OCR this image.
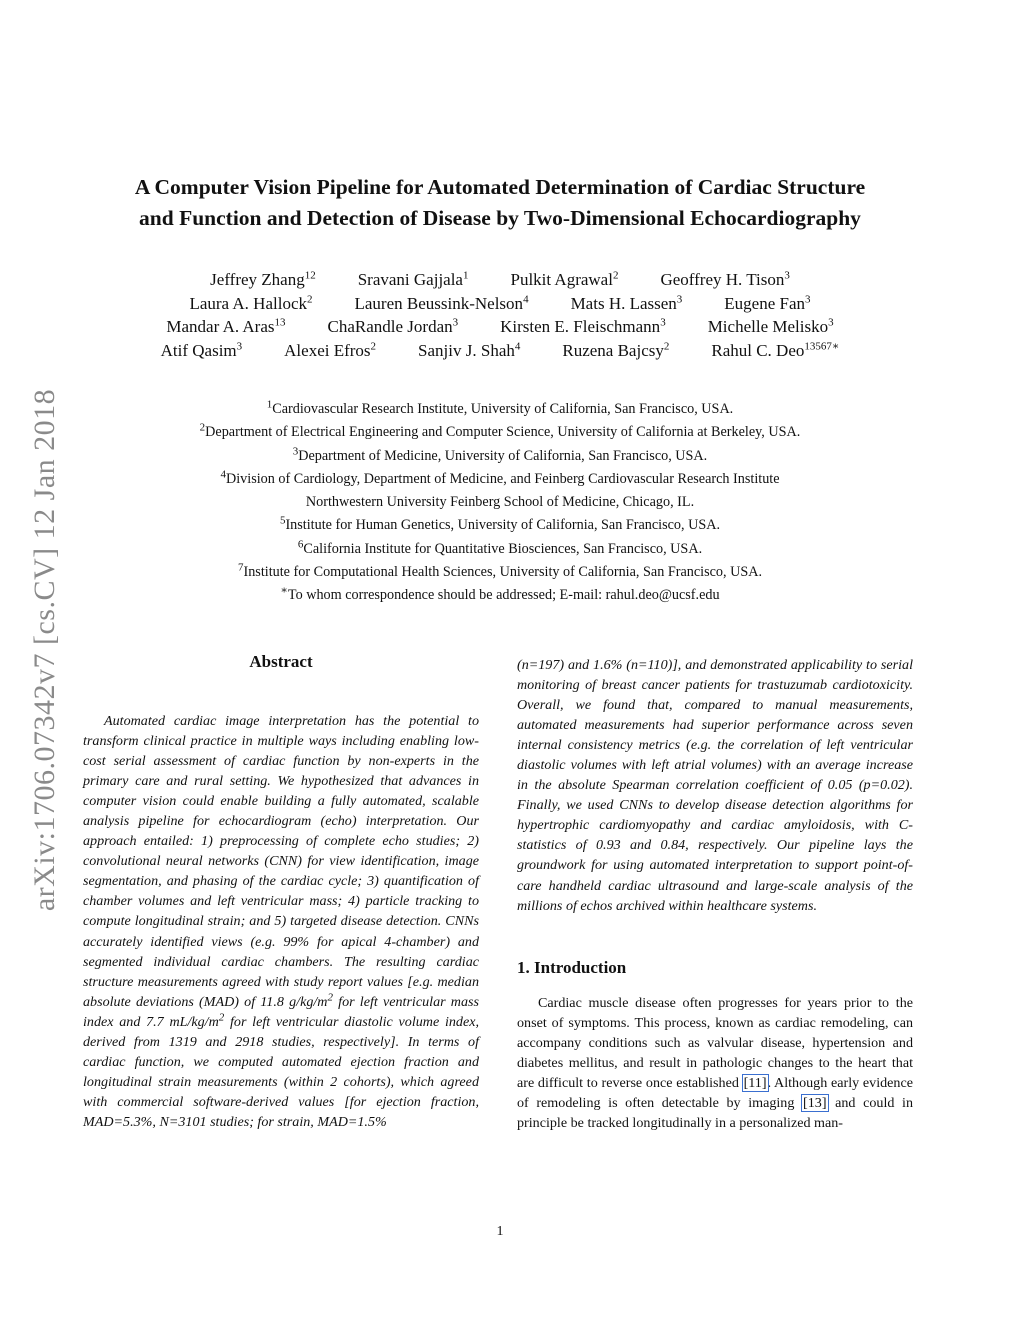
arXiv:1706.07342v7 [cs.CV] 12 Jan 2018
A Computer Vision Pipeline for Automated Determination of Cardiac Structure
and Function and Detection of Disease by Two-Dimensional Echocardiography
Jeffrey Zhang$^{12}$ Sravani Gajjala$^1$ Pulkit Agrawal$^2$ Geoffrey H. Tison$^3$
Laura A. Hallock$^2$ Lauren Beussink-Nelson$^4$ Mats H. Lassen$^3$ Eugene Fan$^3$
Mandar A. Aras$^{13}$ ChaRandle Jordan$^3$ Kirsten E. Fleischmann$^3$ Michelle Melisko$^3$
Atif Qasim$^3$ Alexei Efros$^2$ Sanjiv J. Shah$^4$ Ruzena Bajcsy$^2$ Rahul C. Deo$^{13567∗}$
$^1$Cardiovascular Research Institute, University of California, San Francisco, USA.
$^2$Department of Electrical Engineering and Computer Science, University of California at Berkeley, USA.
$^3$Department of Medicine, University of California, San Francisco, USA.
$^4$Division of Cardiology, Department of Medicine, and Feinberg Cardiovascular Research Institute
Northwestern University Feinberg School of Medicine, Chicago, IL.
$^5$Institute for Human Genetics, University of California, San Francisco, USA.
$^6$California Institute for Quantitative Biosciences, San Francisco, USA.
$^7$Institute for Computational Health Sciences, University of California, San Francisco, USA.
∗To whom correspondence should be addressed; E-mail: rahul.deo@ucsf.edu
Abstract

Automated cardiac image interpretation has the potential to transform clinical practice in multiple ways including enabling low-cost serial assessment of cardiac function by non-experts in the primary care and rural setting. We hypothesized that advances in computer vision could enable building a fully automated, scalable analysis pipeline for echocardiogram (echo) interpretation. Our approach entailed: 1) preprocessing of complete echo studies; 2) convolutional neural networks (CNN) for view identification, image segmentation, and phasing of the cardiac cycle; 3) quantification of chamber volumes and left ventricular mass; 4) particle tracking to compute longitudinal strain; and 5) targeted disease detection. CNNs accurately identified views (e.g. 99% for apical 4-chamber) and segmented individual cardiac chambers. The resulting cardiac structure measurements agreed with study report values [e.g. median absolute deviations (MAD) of 11.8 $g/kg/m^2$ for left ventricular mass index and 7.7 $mL/kg/m^2$ for left ventricular diastolic volume index, derived from 1319 and 2918 studies, respectively]. In terms of cardiac function, we computed automated ejection fraction and longitudinal strain measurements (within 2 cohorts), which agreed with commercial software-derived values [for ejection fraction, MAD=5.3%, N=3101 studies; for strain, MAD=1.5%

(n=197) and 1.6% (n=110)], and demonstrated applicability to serial monitoring of breast cancer patients for trastuzumab cardiotoxicity. Overall, we found that, compared to manual measurements, automated measurements had superior performance across seven internal consistency metrics (e.g. the correlation of left ventricular diastolic volumes with left atrial volumes) with an average increase in the absolute Spearman correlation coefficient of 0.05 (p=0.02). Finally, we used CNNs to develop disease detection algorithms for hypertrophic cardiomyopathy and cardiac amyloidosis, with C-statistics of 0.93 and 0.84, respectively. Our pipeline lays the groundwork for using automated interpretation to support point-of-care handheld cardiac ultrasound and large-scale analysis of the millions of echos archived within healthcare systems.

1. Introduction

Cardiac muscle disease often progresses for years prior to the onset of symptoms. This process, known as cardiac remodeling, can accompany conditions such as valvular disease, hypertension and diabetes mellitus, and result in pathologic changes to the heart that are difficult to reverse once established [11]. Although early evidence of remodeling is often detectable by imaging [13] and could in principle be tracked longitudinally in a personalized man-

1
